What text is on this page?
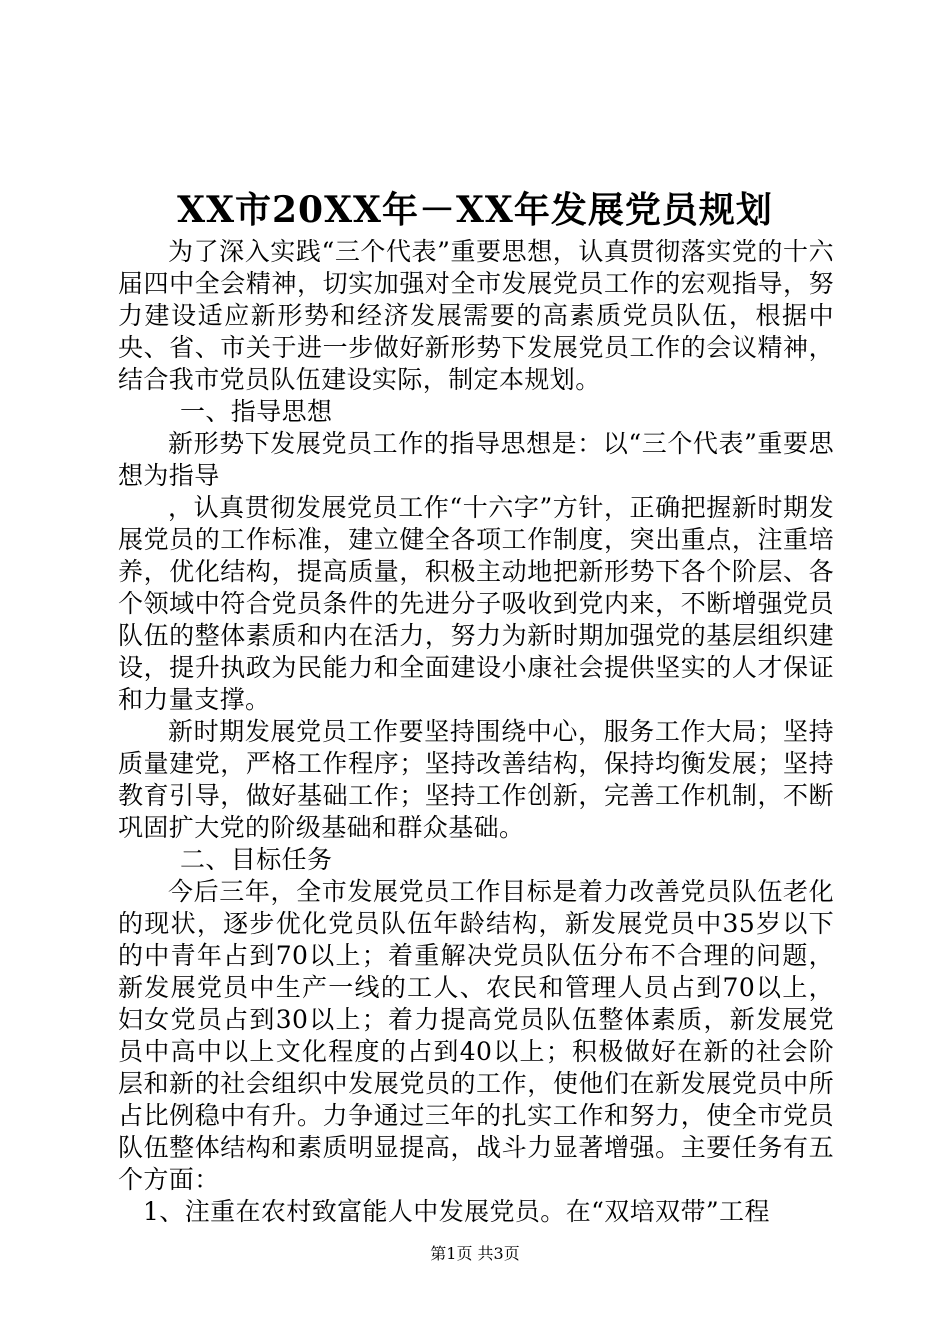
XX市20XX年－XX年发展党员规划

为了深入实践“三个代表”重要思想，认真贯彻落实党的十六届四中全会精神，切实加强对全市发展党员工作的宏观指导，努力建设适应新形势和经济发展需要的高素质党员队伍，根据中央、省、市关于进一步做好新形势下发展党员工作的会议精神，结合我市党员队伍建设实际，制定本规划。

一、指导思想

新形势下发展党员工作的指导思想是：以“三个代表”重要思想为指导

，认真贯彻发展党员工作“十六字”方针，正确把握新时期发展党员的工作标准，建立健全各项工作制度，突出重点，注重培养，优化结构，提高质量，积极主动地把新形势下各个阶层、各个领域中符合党员条件的先进分子吸收到党内来，不断增强党员队伍的整体素质和内在活力，努力为新时期加强党的基层组织建设，提升执政为民能力和全面建设小康社会提供坚实的人才保证和力量支撑。

新时期发展党员工作要坚持围绕中心，服务工作大局；坚持质量建党，严格工作程序；坚持改善结构，保持均衡发展；坚持教育引导，做好基础工作；坚持工作创新，完善工作机制，不断巩固扩大党的阶级基础和群众基础。

二、目标任务

今后三年，全市发展党员工作目标是着力改善党员队伍老化的现状，逐步优化党员队伍年龄结构，新发展党员中35岁以下的中青年占到70以上；着重解决党员队伍分布不合理的问题，新发展党员中生产一线的工人、农民和管理人员占到70以上，妇女党员占到30以上；着力提高党员队伍整体素质，新发展党员中高中以上文化程度的占到40以上；积极做好在新的社会阶层和新的社会组织中发展党员的工作，使他们在新发展党员中所占比例稳中有升。力争通过三年的扎实工作和努力，使全市党员队伍整体结构和素质明显提高，战斗力显著增强。主要任务有五个方面：

1、注重在农村致富能人中发展党员。在“双培双带”工程

第1页 共3页
